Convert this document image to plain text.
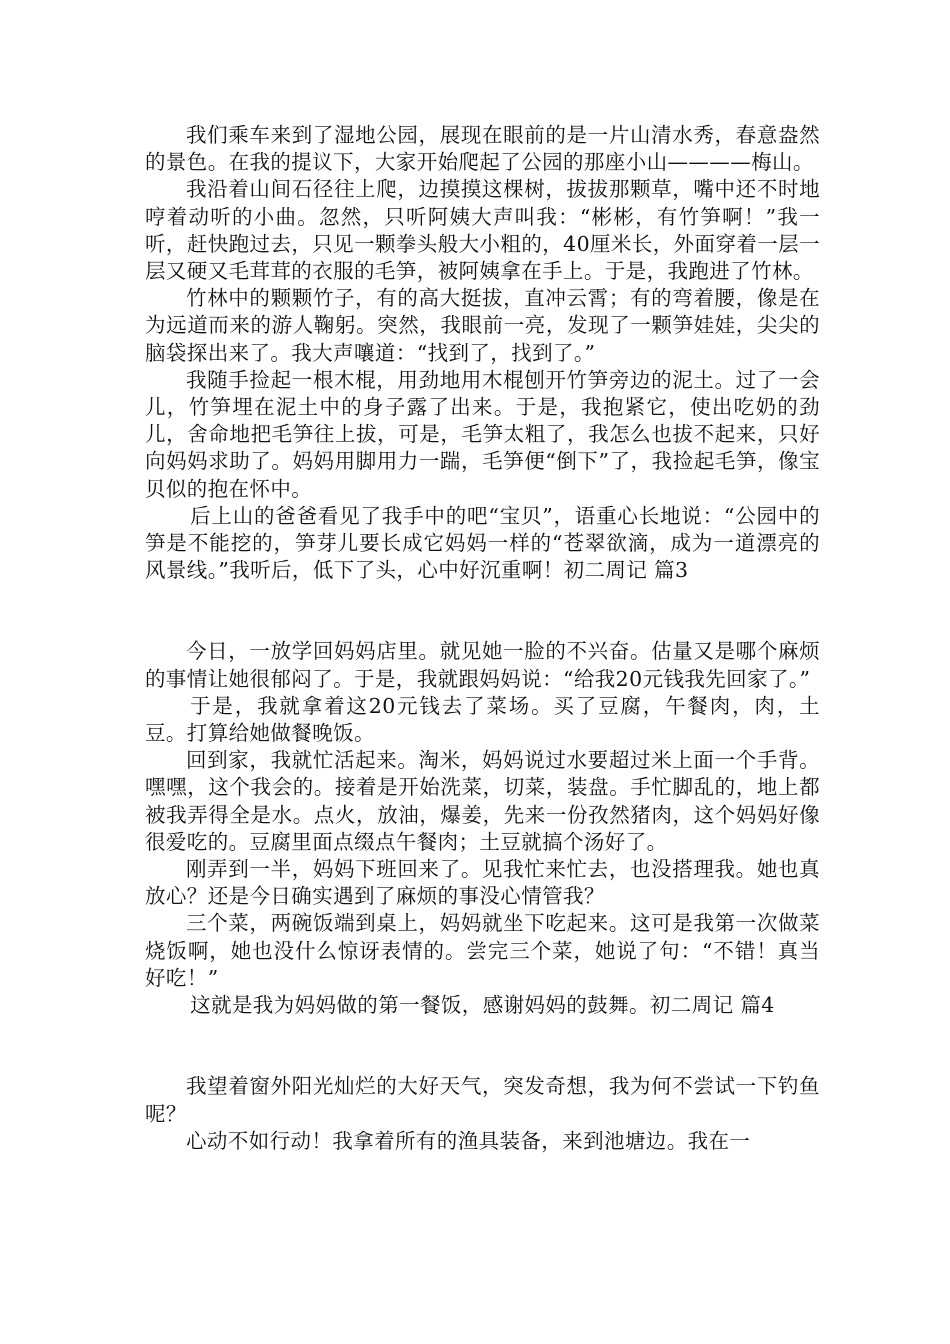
我们乘车来到了湿地公园，展现在眼前的是一片山清水秀，春意盎然的景色。在我的提议下，大家开始爬起了公园的那座小山————梅山。

我沿着山间石径往上爬，边摸摸这棵树，拔拔那颗草，嘴中还不时地哼着动听的小曲。忽然，只听阿姨大声叫我：“彬彬，有竹笋啊！”我一听，赶快跑过去，只见一颗拳头般大小粗的，40厘米长，外面穿着一层一层又硬又毛茸茸的衣服的毛笋，被阿姨拿在手上。于是，我跑进了竹林。

竹林中的颗颗竹子，有的高大挺拔，直冲云霄；有的弯着腰，像是在为远道而来的游人鞠躬。突然，我眼前一亮，发现了一颗笋娃娃，尖尖的脑袋探出来了。我大声嚷道：“找到了，找到了。”

我随手捡起一根木棍，用劲地用木棍刨开竹笋旁边的泥土。过了一会儿，竹笋埋在泥土中的身子露了出来。于是，我抱紧它，使出吃奶的劲儿，舍命地把毛笋往上拔，可是，毛笋太粗了，我怎么也拔不起来，只好向妈妈求助了。妈妈用脚用力一踹，毛笋便“倒下”了，我捡起毛笋，像宝贝似的抱在怀中。

后上山的爸爸看见了我手中的吧“宝贝”，语重心长地说：“公园中的笋是不能挖的，笋芽儿要长成它妈妈一样的“苍翠欲滴，成为一道漂亮的风景线。”我听后，低下了头，心中好沉重啊！初二周记 篇3

今日，一放学回妈妈店里。就见她一脸的不兴奋。估量又是哪个麻烦的事情让她很郁闷了。于是，我就跟妈妈说：“给我20元钱我先回家了。”

于是，我就拿着这20元钱去了菜场。买了豆腐，午餐肉，肉，土豆。打算给她做餐晚饭。

回到家，我就忙活起来。淘米，妈妈说过水要超过米上面一个手背。嘿嘿，这个我会的。接着是开始洗菜，切菜，装盘。手忙脚乱的，地上都被我弄得全是水。点火，放油，爆姜，先来一份孜然猪肉，这个妈妈好像很爱吃的。豆腐里面点缀点午餐肉；土豆就搞个汤好了。

刚弄到一半，妈妈下班回来了。见我忙来忙去，也没搭理我。她也真放心？还是今日确实遇到了麻烦的事没心情管我？

三个菜，两碗饭端到桌上，妈妈就坐下吃起来。这可是我第一次做菜烧饭啊，她也没什么惊讶表情的。尝完三个菜，她说了句：“不错！真当好吃！”

这就是我为妈妈做的第一餐饭，感谢妈妈的鼓舞。初二周记 篇4

我望着窗外阳光灿烂的大好天气，突发奇想，我为何不尝试一下钓鱼呢？

心动不如行动！我拿着所有的渔具装备，来到池塘边。我在一
